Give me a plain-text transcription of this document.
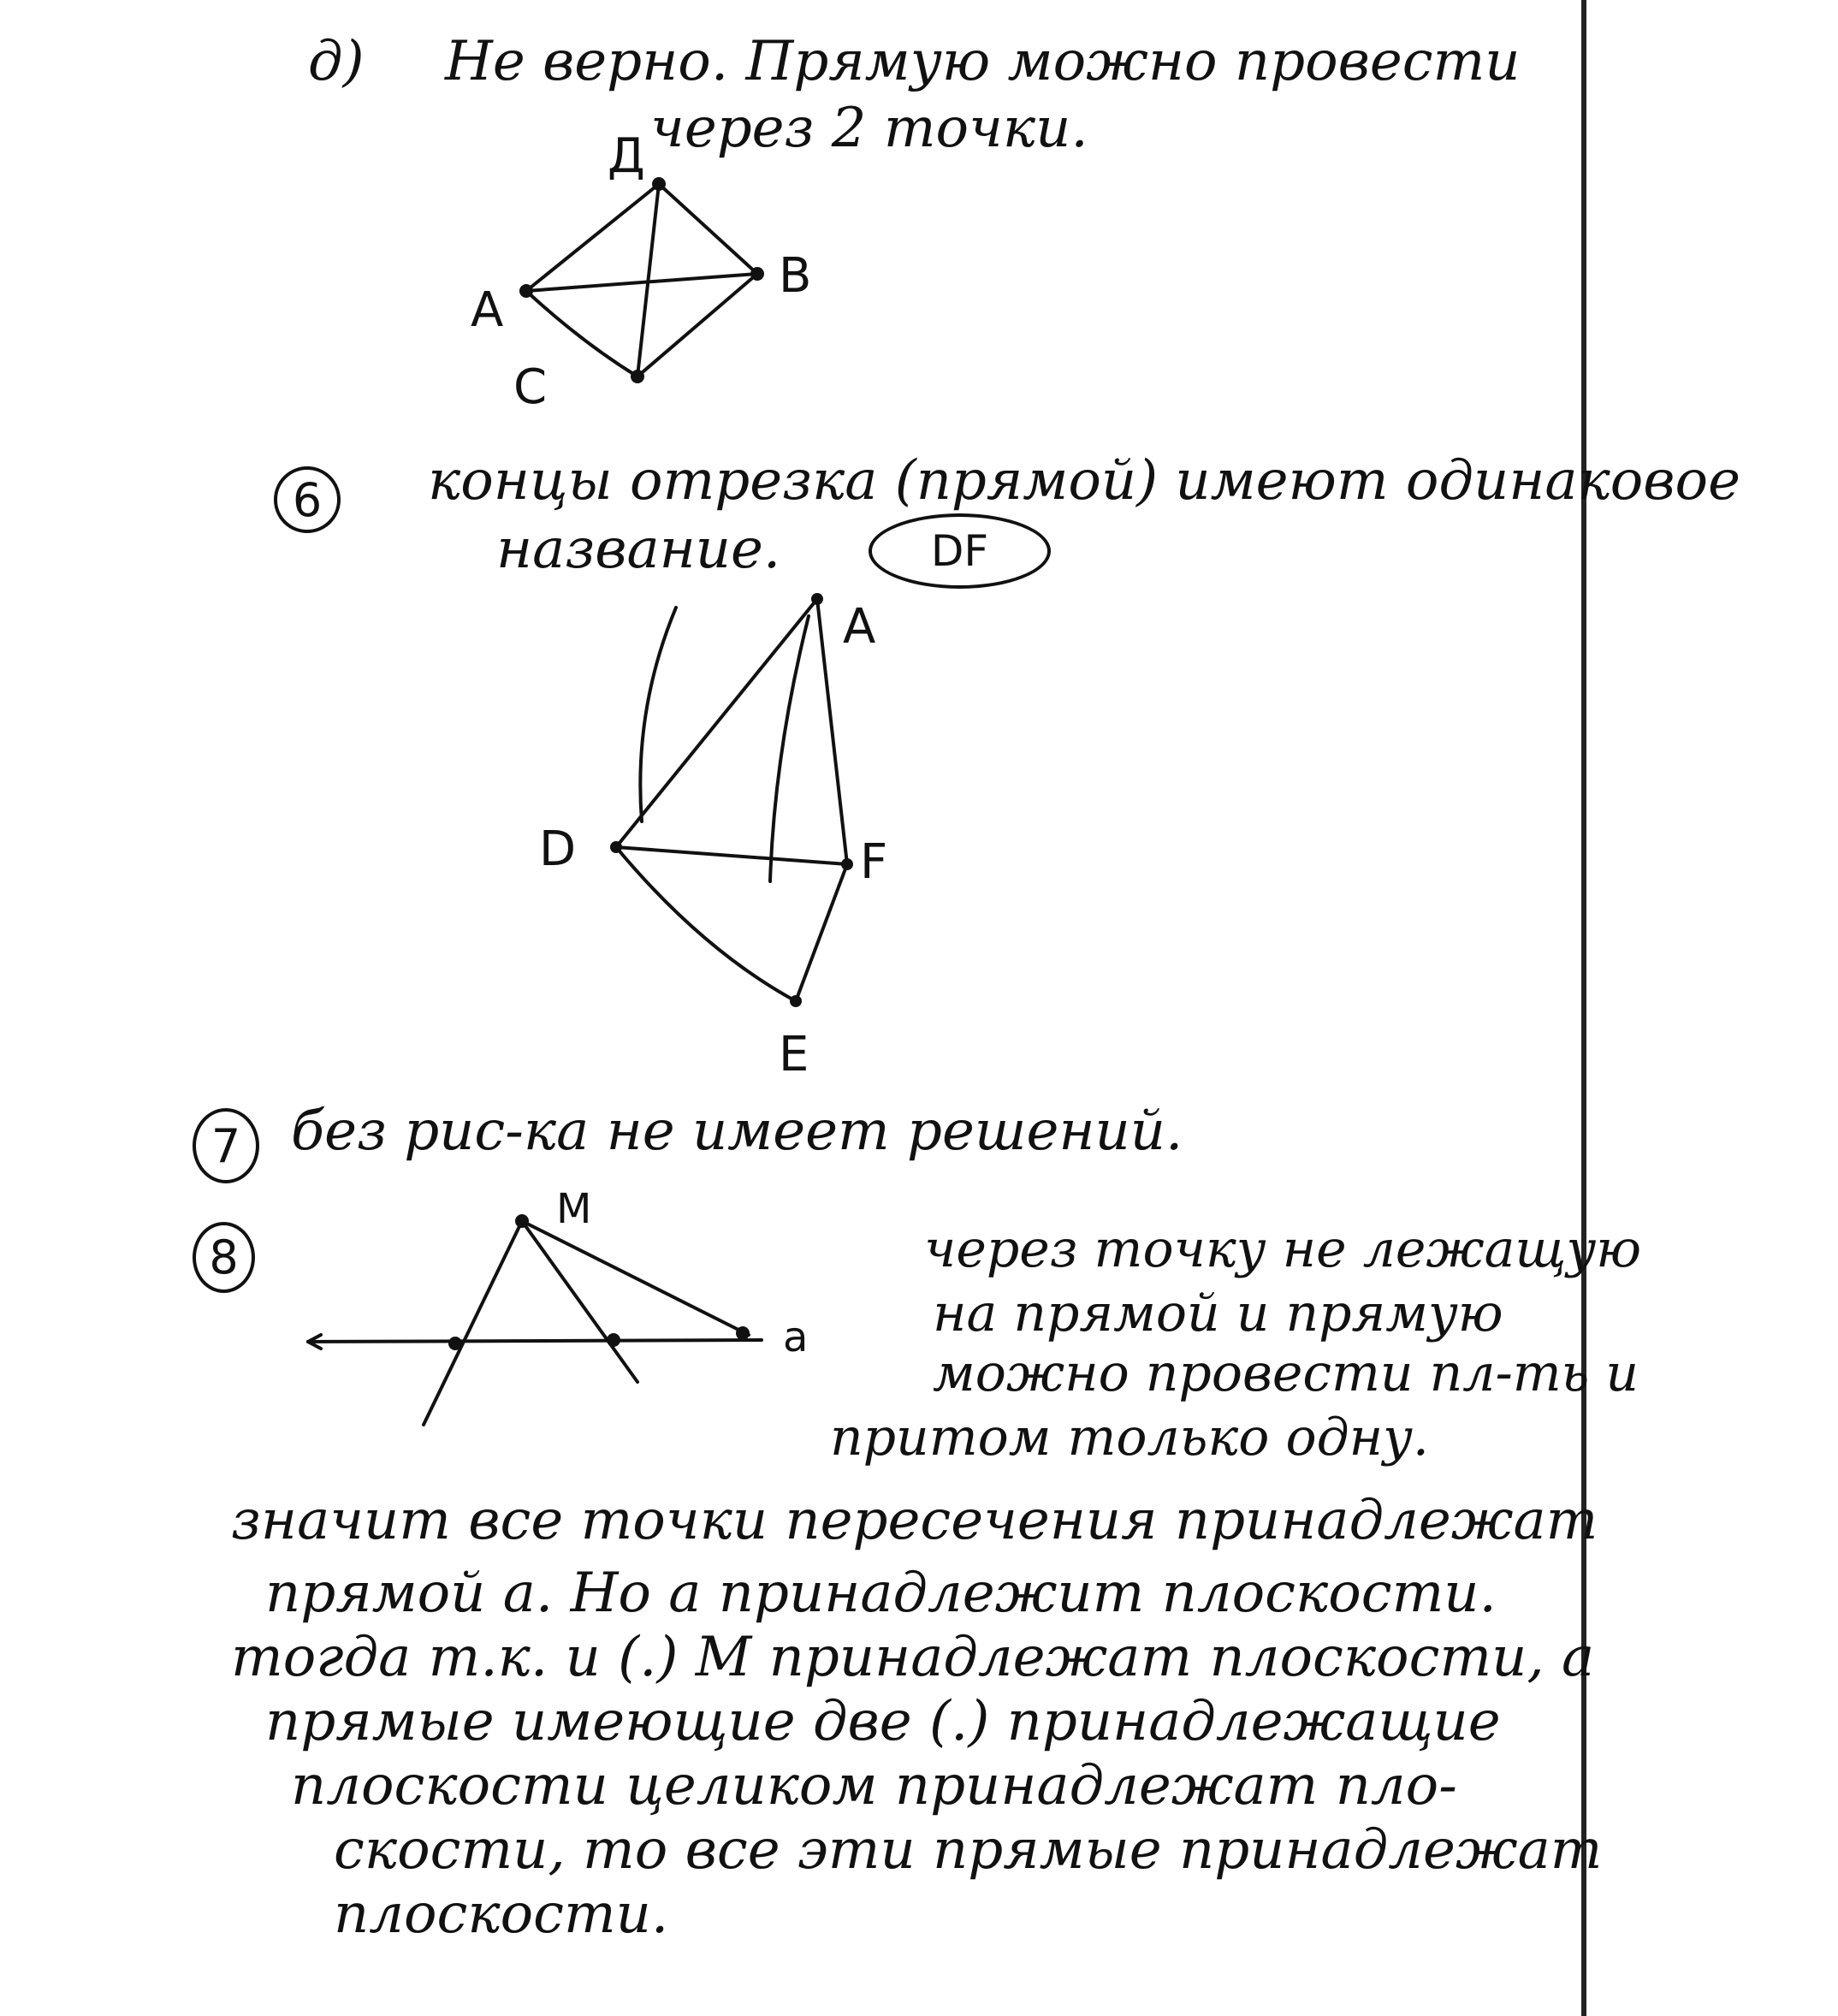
д) Не верно. Прямую можно провести
через 2 точки.
Д
B
A
C
6	концы отрезка (прямой) имеют одинаковое
название.	DF
A
D	F
E
7 без рис-ка не имеет решений.
8
M
a
через точку не лежащую
на прямой и прямую
можно провести пл-ть и
притом только одну.
значит все точки пересечения принадлежат
прямой а. Но а принадлежит плоскости.
тогда т.к. и (.) М принадлежат плоскости, а
прямые имеющие две (.) принадлежащие
плоскости целиком принадлежат пло-
скости, то все эти прямые принадлежат
плоскости.
